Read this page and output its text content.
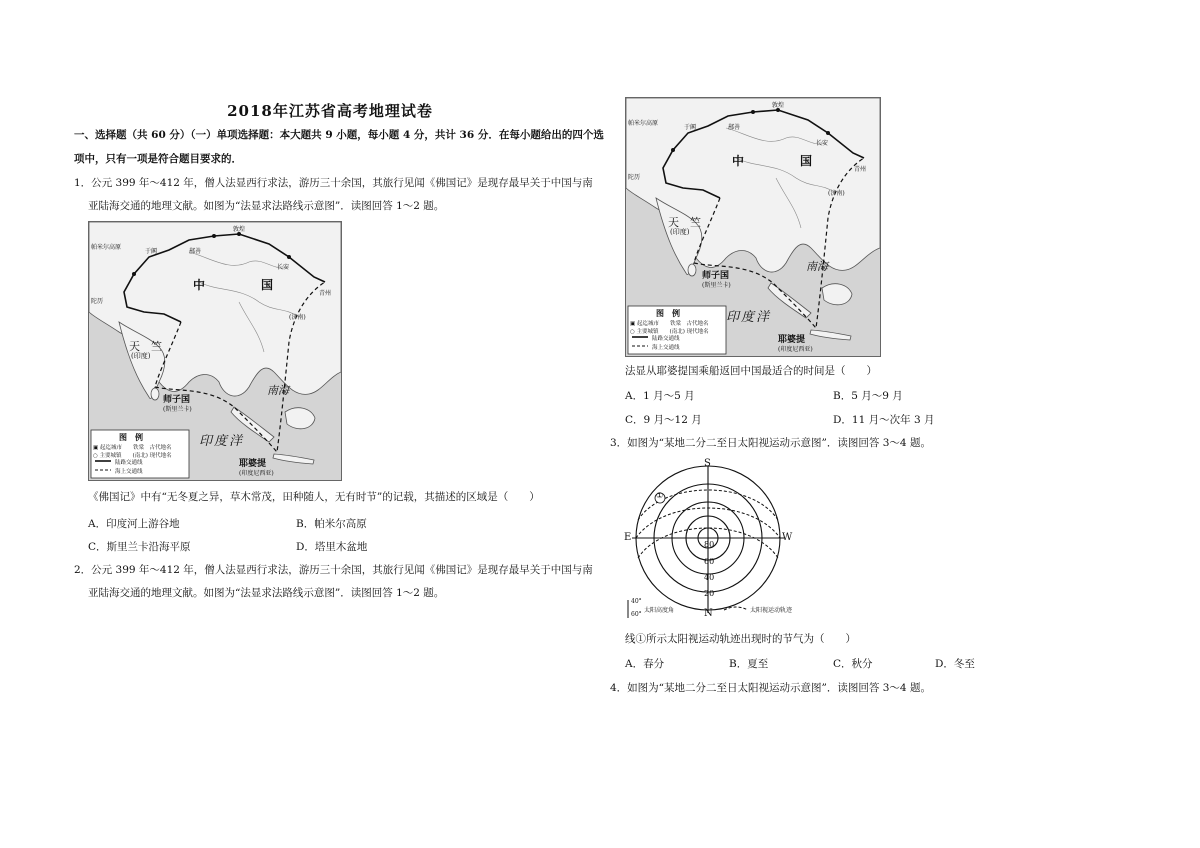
2018年江苏省高考地理试卷
一、选择题（共 60 分）（一）单项选择题：本大题共 9 小题，每小题 4 分，共计 36 分．在每小题给出的四个选
项中，只有一项是符合题目要求的．
1．公元 399 年～412 年，僧人法显西行求法，游历三十余国，其旅行见闻《佛国记》是现存最早关于中国与南
亚陆海交通的地理文献。如图为“法显求法路线示意图”．读图回答 1～2 题。
中	国
天　竺
(印度)
师子国
(斯里兰卡)
耶婆提
(印度尼西亚)
印度洋
南海
帕米尔高原
敦煌
长安
青州
于阗	鄯善
陀历
(济南)
图　例
▣ 起迄城市　　铁棠　古代地名
○ 主要城镇　　(南北) 现代地名
陆路交通线
海上交通线
《佛国记》中有“无冬夏之异，草木常茂，田种随人，无有时节”的记载，其描述的区域是（　　）
A．印度河上游谷地	B．帕米尔高原
C．斯里兰卡沿海平原	D．塔里木盆地
2．公元 399 年～412 年，僧人法显西行求法，游历三十余国，其旅行见闻《佛国记》是现存最早关于中国与南
亚陆海交通的地理文献。如图为“法显求法路线示意图”．读图回答 1～2 题。
中	国
天　竺
(印度)
师子国
(斯里兰卡)
耶婆提
(印度尼西亚)
印度洋
南海
帕米尔高原
敦煌
长安
青州
于阗	鄯善
陀历
(济南)
图　例
▣ 起迄城市　　铁棠　古代地名
○ 主要城镇　　(南北) 现代地名
陆路交通线
海上交通线
法显从耶婆提国乘船返回中国最适合的时间是（　　）
A．1 月～5 月	B．5 月～9 月
C．9 月～12 月	D．11 月～次年 3 月
3．如图为“某地二分二至日太阳视运动示意图”．读图回答 3～4 题。
S
N
E	W
①
80
60
40
20
40°
60°
太阳高度角	太阳视运动轨迹
线①所示太阳视运动轨迹出现时的节气为（　　）
A．春分	B．夏至	C．秋分	D．冬至
4．如图为“某地二分二至日太阳视运动示意图”．读图回答 3～4 题。
